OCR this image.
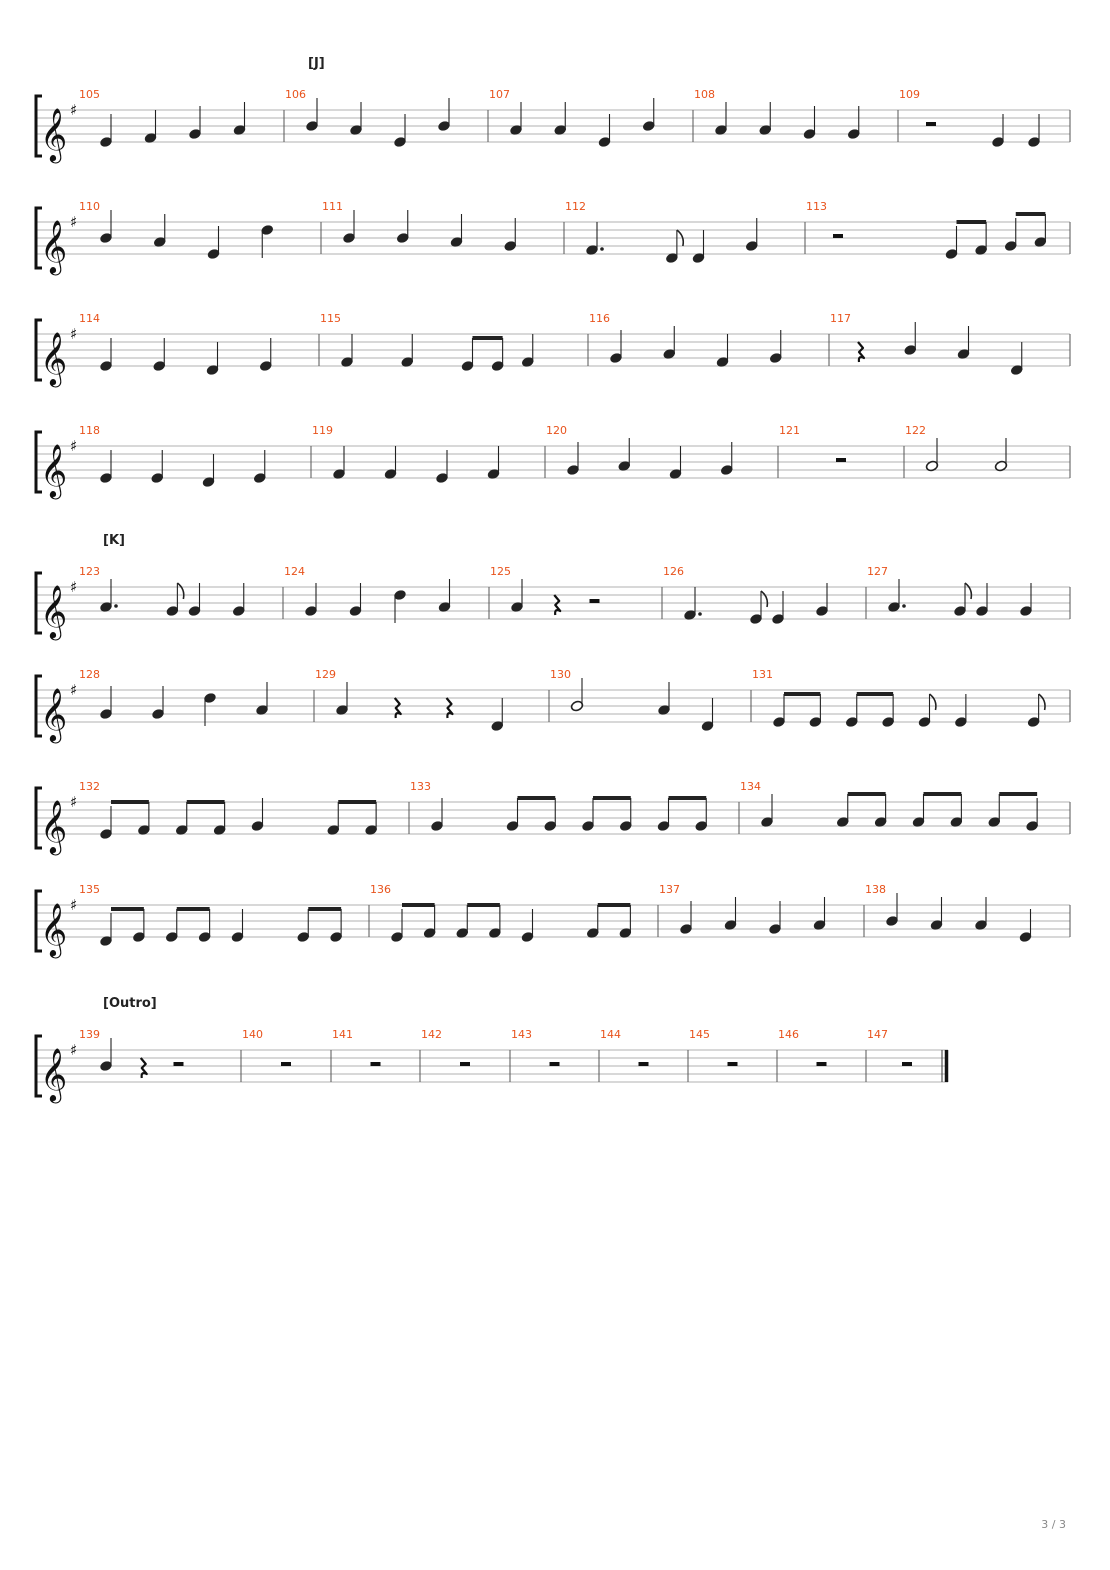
𝄞 ♯
[J]
105	106	107	108	109
𝄞 ♯
110	111	112	113
𝄞 ♯
114	115	116	117
𝄞 ♯
118	119	120	121	122
𝄞 ♯
[K]
123	124	125	126	127
𝄞 ♯
128	129	130	131
𝄞 ♯
132	133	134
𝄞 ♯
135	136	137	138
𝄞 ♯
[Outro]
139	140	141	142	143	144	145	146	147
3 / 3
